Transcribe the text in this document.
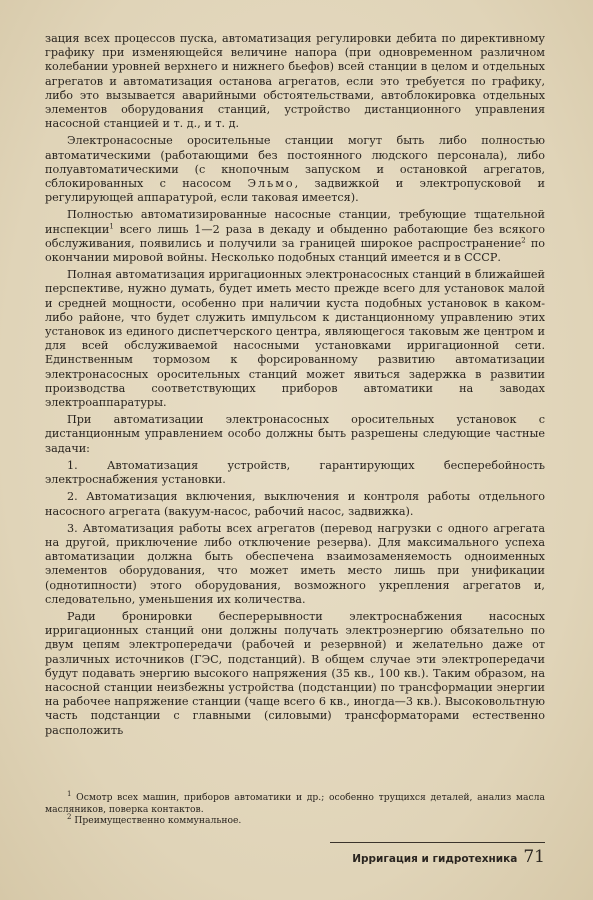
зация всех процессов пуска, автоматизация регулировки дебита по директивному графику при изменяющейся величине напора (при одновременном различном колебании уровней верхнего и нижнего бьефов) всей станции в целом и отдельных агрегатов и автоматизация останова агрегатов, если это требуется по графику, либо это вызывается аварийными обстоятельствами, автоблокировка отдельных элементов оборудования станций, устройство дистанционного управления насосной станцией и т. д., и т. д.

Электронасосные оросительные станции могут быть либо полностью автоматическими (работающими без постоянного людского персонала), либо полуавтоматическими (с кнопочным запуском и остановкой агрегатов, сблокированных с насосом Эльмо, задвижкой и электропусковой и регулирующей аппаратурой, если таковая имеется).

Полностью автоматизированные насосные станции, требующие тщательной инспекции$^1$ всего лишь 1—2 раза в декаду и обыденно работающие без всякого обслуживания, появились и получили за границей широкое распространение$^2$ по окончании мировой войны. Несколько подобных станций имеется и в СССР.

Полная автоматизация ирригационных электронасосных станций в ближайшей перспективе, нужно думать, будет иметь место прежде всего для установок малой и средней мощности, особенно при наличии куста подобных установок в каком-либо районе, что будет служить импульсом к дистанционному управлению этих установок из единого диспетчерского центра, являющегося таковым же центром и для всей обслуживаемой насосными установками ирригационной сети. Единственным тормозом к форсированному развитию автоматизации электронасосных оросительных станций может явиться задержка в развитии производства соответствующих приборов автоматики на заводах электроаппаратуры.

При автоматизации электронасосных оросительных установок с дистанционным управлением особо должны быть разрешены следующие частные задачи:

1. Автоматизация устройств, гарантирующих бесперебойность электроснабжения установки.

2. Автоматизация включения, выключения и контроля работы отдельного насосного агрегата (вакуум-насос, рабочий насос, задвижка).

3. Автоматизация работы всех агрегатов (перевод нагрузки с одного агрегата на другой, приключение либо отключение резерва). Для максимального успеха автоматизации должна быть обеспечена взаимозаменяемость одноименных элементов оборудования, что может иметь место лишь при унификации (однотипности) этого оборудования, возможного укрепления агрегатов и, следовательно, уменьшения их количества.

Ради бронировки бесперерывности электроснабжения насосных ирригационных станций они должны получать электроэнергию обязательно по двум цепям электропередачи (рабочей и резервной) и желательно даже от различных источников (ГЭС, подстанций). В общем случае эти электропередачи будут подавать энергию высокого напряжения (35 кв., 100 кв.). Таким образом, на насосной станции неизбежны устройства (подстанции) по трансформации энергии на рабочее напряжение станции (чаще всего 6 кв., иногда—3 кв.). Высоковольтную часть подстанции с главными (силовыми) трансформаторами естественно расположить

$^1$ Осмотр всех машин, приборов автоматики и др.; особенно трущихся деталей, анализ масла масляников, поверка контактов.

$^2$ Преимущественно коммунальное.

Ирригация и гидротехника 71
